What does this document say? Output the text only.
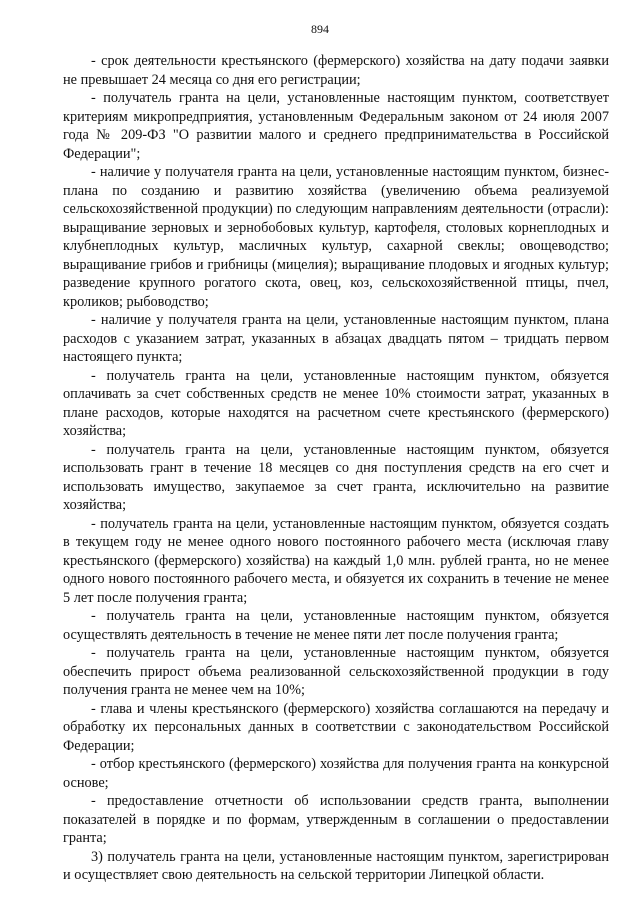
894

- срок деятельности крестьянского (фермерского) хозяйства на дату подачи заявки не превышает 24 месяца со дня его регистрации;

- получатель гранта на цели, установленные настоящим пунктом, соответствует критериям микропредприятия, установленным Федеральным законом от 24 июля 2007 года № 209-ФЗ "О развитии малого и среднего предпринимательства в Российской Федерации";

- наличие у получателя гранта на цели, установленные настоящим пунктом, бизнес-плана по созданию и развитию хозяйства (увеличению объема реализуемой сельскохозяйственной продукции) по следующим направлениям деятельности (отрасли): выращивание зерновых и зернобобовых культур, картофеля, столовых корнеплодных и клубнеплодных культур, масличных культур, сахарной свеклы; овощеводство; выращивание грибов и грибницы (мицелия); выращивание плодовых и ягодных культур; разведение крупного рогатого скота, овец, коз, сельскохозяйственной птицы, пчел, кроликов; рыбоводство;

- наличие у получателя гранта на цели, установленные настоящим пунктом, плана расходов с указанием затрат, указанных в абзацах двадцать пятом – тридцать первом настоящего пункта;

- получатель гранта на цели, установленные настоящим пунктом, обязуется оплачивать за счет собственных средств не менее 10% стоимости затрат, указанных в плане расходов, которые находятся на расчетном счете крестьянского (фермерского) хозяйства;

- получатель гранта на цели, установленные настоящим пунктом, обязуется использовать грант в течение 18 месяцев со дня поступления средств на его счет и использовать имущество, закупаемое за счет гранта, исключительно на развитие хозяйства;

- получатель гранта на цели, установленные настоящим пунктом, обязуется создать в текущем году не менее одного нового постоянного рабочего места (исключая главу крестьянского (фермерского) хозяйства) на каждый 1,0 млн. рублей гранта, но не менее одного нового постоянного рабочего места, и обязуется их сохранить в течение не менее 5 лет после получения гранта;

- получатель гранта на цели, установленные настоящим пунктом, обязуется осуществлять деятельность в течение не менее пяти лет после получения гранта;

- получатель гранта на цели, установленные настоящим пунктом, обязуется обеспечить прирост объема реализованной сельскохозяйственной продукции в году получения гранта не менее чем на 10%;

- глава и члены крестьянского (фермерского) хозяйства соглашаются на передачу и обработку их персональных данных в соответствии с законодательством Российской Федерации;

- отбор крестьянского (фермерского) хозяйства для получения гранта на конкурсной основе;

- предоставление отчетности об использовании средств гранта, выполнении показателей в порядке и по формам, утвержденным в соглашении о предоставлении гранта;

3) получатель гранта на цели, установленные настоящим пунктом, зарегистрирован и осуществляет свою деятельность на сельской территории Липецкой области.
